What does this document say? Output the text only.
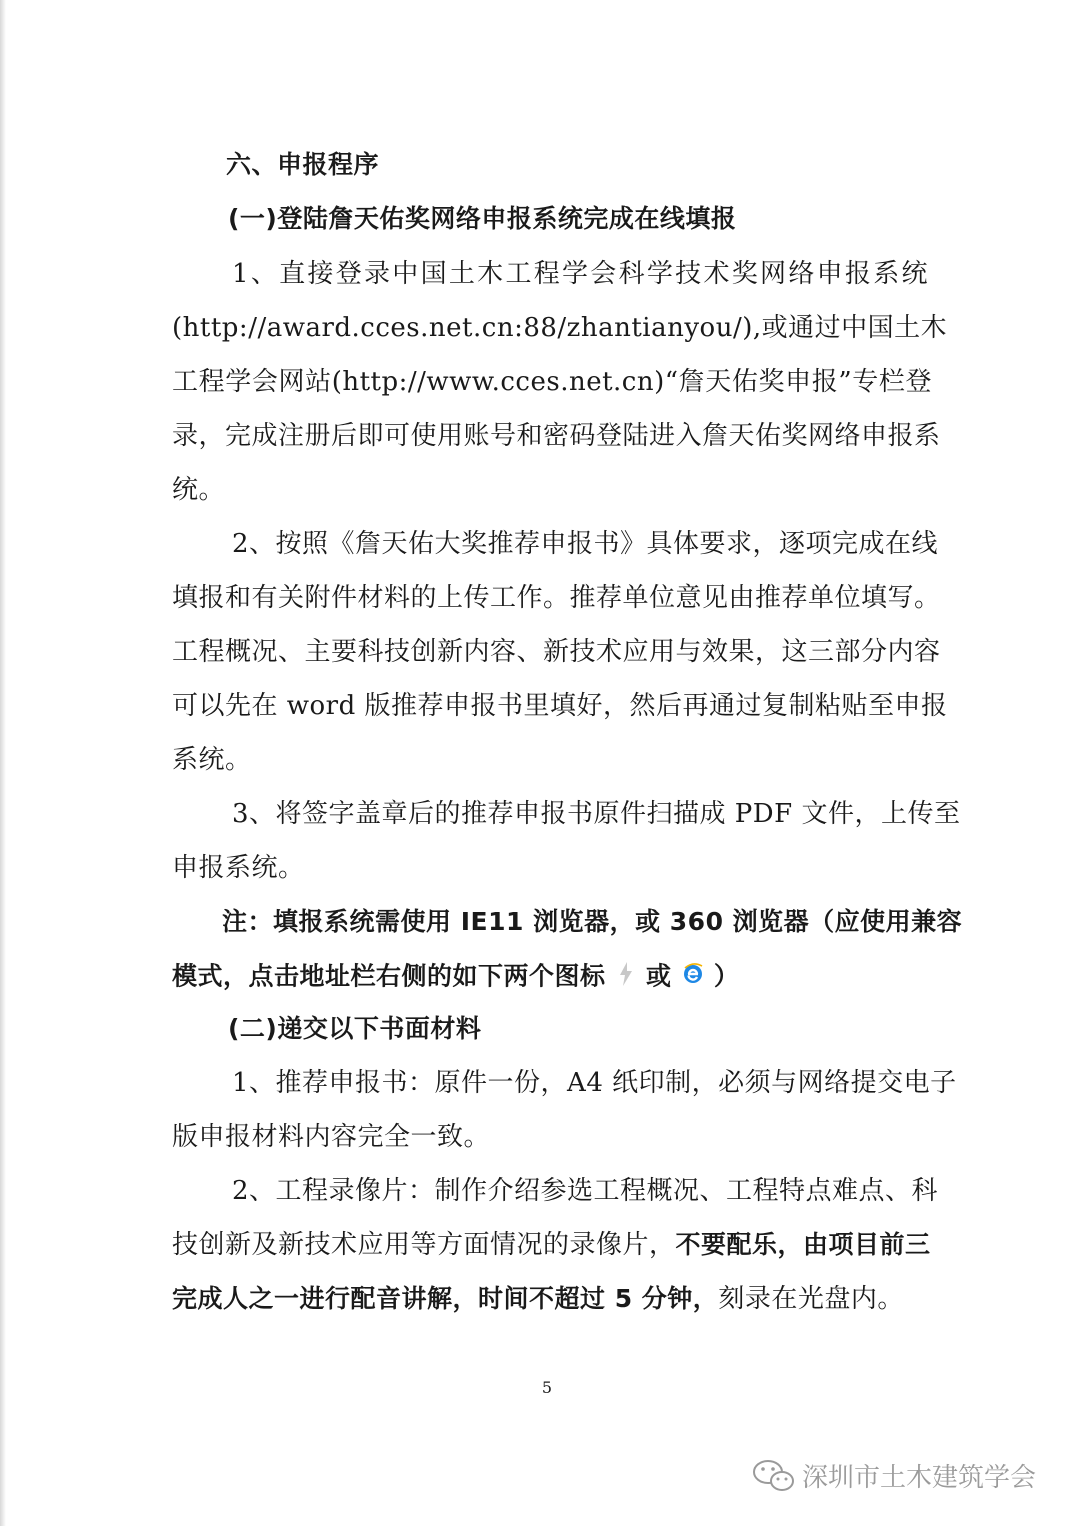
六、申报程序
(一)登陆詹天佑奖网络申报系统完成在线填报
1、直接登录中国土木工程学会科学技术奖网络申报系统
(http://award.cces.net.cn:88/zhantianyou/),或通过中国土木
工程学会网站(http://www.cces.net.cn)“詹天佑奖申报”专栏登
录，完成注册后即可使用账号和密码登陆进入詹天佑奖网络申报系
统。
2、按照《詹天佑大奖推荐申报书》具体要求，逐项完成在线
填报和有关附件材料的上传工作。推荐单位意见由推荐单位填写。
工程概况、主要科技创新内容、新技术应用与效果，这三部分内容
可以先在 word 版推荐申报书里填好，然后再通过复制粘贴至申报
系统。
3、将签字盖章后的推荐申报书原件扫描成 PDF 文件，上传至
申报系统。
注：填报系统需使用 IE11 浏览器，或 360 浏览器（应使用兼容
模式，点击地址栏右侧的如下两个图标 或 ）
(二)递交以下书面材料
1、推荐申报书：原件一份，A4 纸印制，必须与网络提交电子
版申报材料内容完全一致。
2、工程录像片：制作介绍参选工程概况、工程特点难点、科
技创新及新技术应用等方面情况的录像片，不要配乐，由项目前三
完成人之一进行配音讲解，时间不超过 5 分钟，刻录在光盘内。
5
深圳市土木建筑学会
